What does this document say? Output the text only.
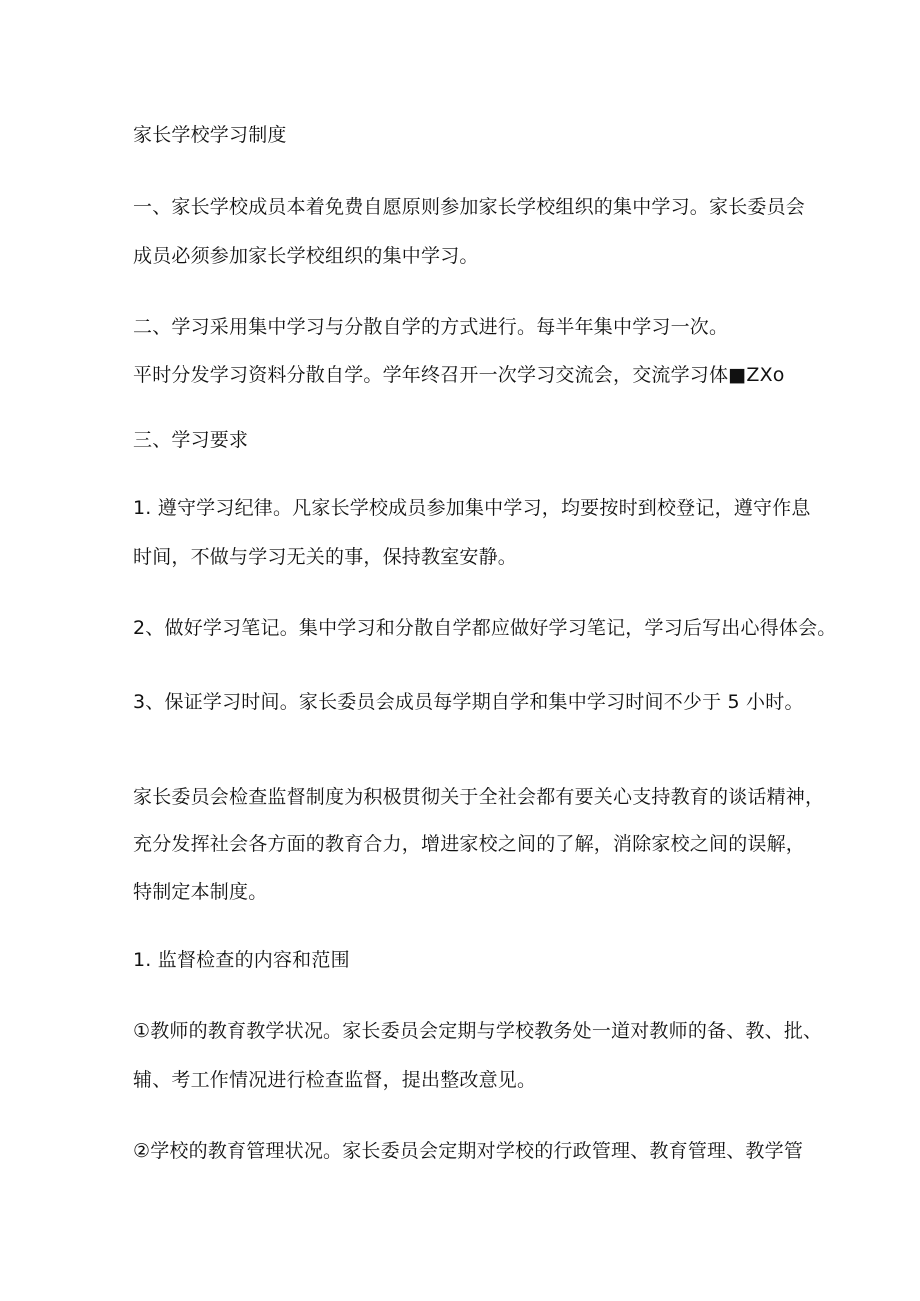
家长学校学习制度
一、家长学校成员本着免费自愿原则参加家长学校组织的集中学习。家长委员会
成员必须参加家长学校组织的集中学习。
二、学习采用集中学习与分散自学的方式进行。每半年集中学习一次。
平时分发学习资料分散自学。学年终召开一次学习交流会，交流学习体■ZXo
三、学习要求
1. 遵守学习纪律。凡家长学校成员参加集中学习，均要按时到校登记，遵守作息
时间，不做与学习无关的事，保持教室安静。
2、做好学习笔记。集中学习和分散自学都应做好学习笔记，学习后写出心得体会。
3、保证学习时间。家长委员会成员每学期自学和集中学习时间不少于 5 小时。
家长委员会检查监督制度为积极贯彻关于全社会都有要关心支持教育的谈话精神，
充分发挥社会各方面的教育合力，增进家校之间的了解，消除家校之间的误解，
特制定本制度。
1. 监督检查的内容和范围
①教师的教育教学状况。家长委员会定期与学校教务处一道对教师的备、教、批、
辅、考工作情况进行检查监督，提出整改意见。
②学校的教育管理状况。家长委员会定期对学校的行政管理、教育管理、教学管
